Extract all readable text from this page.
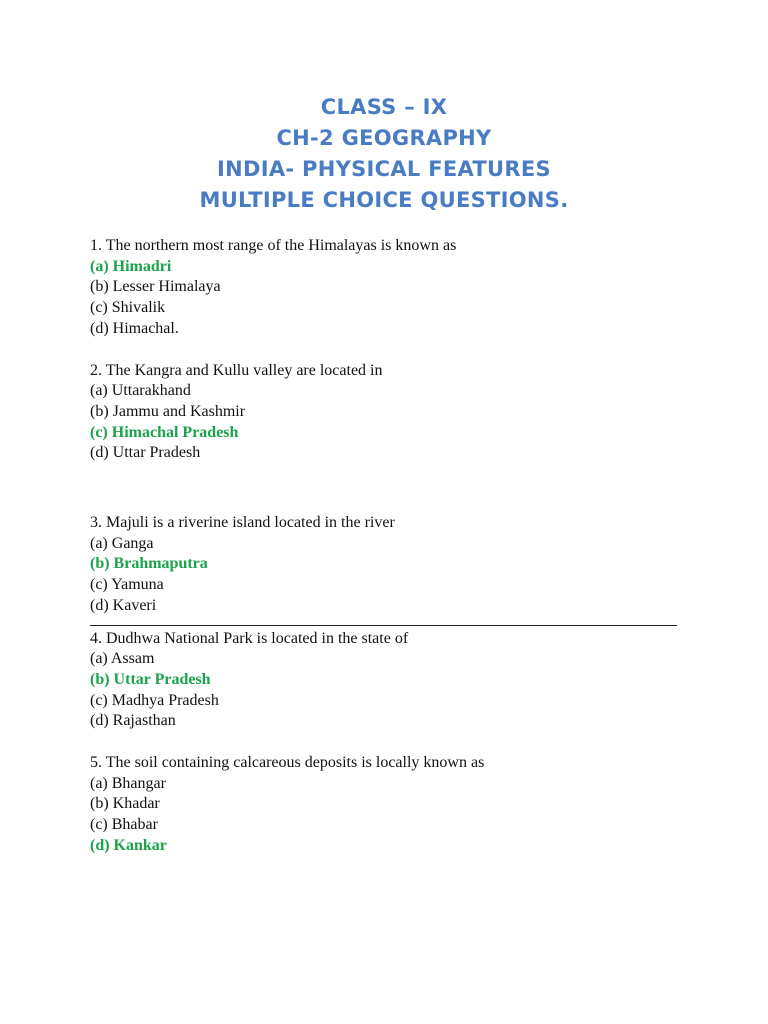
CLASS – IX
CH-2 GEOGRAPHY
INDIA- PHYSICAL FEATURES
MULTIPLE CHOICE QUESTIONS.
1. The northern most range of the Himalayas is known as
(a) Himadri
(b) Lesser Himalaya
(c) Shivalik
(d) Himachal.
2. The Kangra and Kullu valley are located in
(a) Uttarakhand
(b) Jammu and Kashmir
(c) Himachal Pradesh
(d) Uttar Pradesh
3. Majuli is a riverine island located in the river
(a) Ganga
(b) Brahmaputra
(c) Yamuna
(d) Kaveri
4. Dudhwa National Park is located in the state of
(a) Assam
(b) Uttar Pradesh
(c) Madhya Pradesh
(d) Rajasthan
5. The soil containing calcareous deposits is locally known as
(a) Bhangar
(b) Khadar
(c) Bhabar
(d) Kankar
